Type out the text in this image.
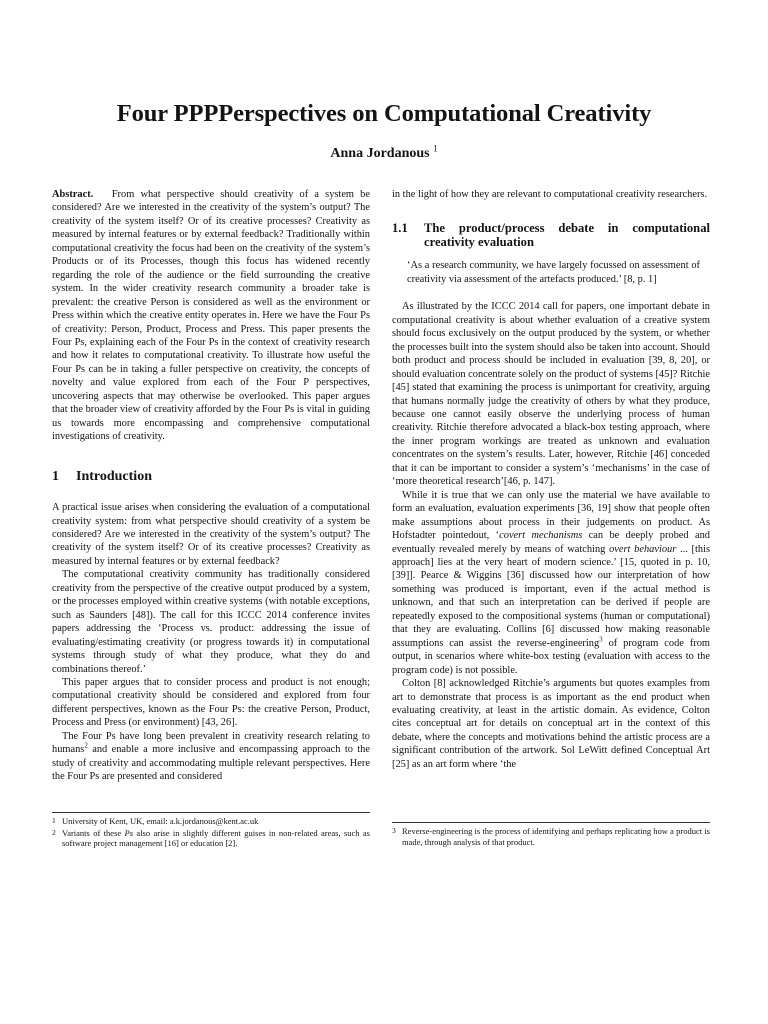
Four PPPPerspectives on Computational Creativity
Anna Jordanous $^1$

Abstract. From what perspective should creativity of a system be considered? Are we interested in the creativity of the system’s output? The creativity of the system itself? Or of its creative processes? Creativity as measured by internal features or by external feedback? Traditionally within computational creativity the focus had been on the creativity of the system’s Products or of its Processes, though this focus has widened recently regarding the role of the audience or the field surrounding the creative system. In the wider creativity research community a broader take is prevalent: the creative Person is considered as well as the environment or Press within which the creative entity operates in. Here we have the Four Ps of creativity: Person, Product, Process and Press. This paper presents the Four Ps, explaining each of the Four Ps in the context of creativity research and how it relates to computational creativity. To illustrate how useful the Four Ps can be in taking a fuller perspective on creativity, the concepts of novelty and value explored from each of the Four P perspectives, uncovering aspects that may otherwise be overlooked. This paper argues that the broader view of creativity afforded by the Four Ps is vital in guiding us towards more encompassing and comprehensive computational investigations of creativity.

1 Introduction

A practical issue arises when considering the evaluation of a computational creativity system: from what perspective should creativity of a system be considered? Are we interested in the creativity of the system’s output? The creativity of the system itself? Or of its creative processes? Creativity as measured by internal features or by external feedback?

The computational creativity community has traditionally considered creativity from the perspective of the creative output produced by a system, or the processes employed within creative systems (with notable exceptions, such as Saunders [48]). The call for this ICCC 2014 conference invites papers addressing the ‘Process vs. product: addressing the issue of evaluating/estimating creativity (or progress towards it) in computational systems through study of what they produce, what they do and combinations thereof.’

This paper argues that to consider process and product is not enough; computational creativity should be considered and explored from four different perspectives, known as the Four Ps: the creative Person, Product, Process and Press (or environment) [43, 26].

The Four Ps have long been prevalent in creativity research relating to humans$^2$ and enable a more inclusive and encompassing approach to the study of creativity and accommodating multiple relevant perspectives. Here the Four Ps are presented and considered

in the light of how they are relevant to computational creativity researchers.

1.1 The product/process debate in computational creativity evaluation
‘As a research community, we have largely focussed on assessment of creativity via assessment of the artefacts produced.’ [8, p. 1]

As illustrated by the ICCC 2014 call for papers, one important debate in computational creativity is about whether evaluation of a creative system should focus exclusively on the output produced by the system, or whether the processes built into the system should also be taken into account. Should both product and process should be included in evaluation [39, 8, 20], or should evaluation concentrate solely on the product of systems [45]? Ritchie [45] stated that examining the process is unimportant for creativity, arguing that humans normally judge the creativity of others by what they produce, because one cannot easily observe the underlying process of human creativity. Ritchie therefore advocated a black-box testing approach, where the inner program workings are treated as unknown and evaluation concentrates on the system’s results. Later, however, Ritchie [46] conceded that it can be important to consider a system’s ‘mechanisms’ in the case of ‘more theoretical research’[46, p. 147].

While it is true that we can only use the material we have available to form an evaluation, evaluation experiments [36, 19] show that people often make assumptions about process in their judgements on product. As Hofstadter pointedout, ‘covert mechanisms can be deeply probed and eventually revealed merely by means of watching overt behaviour ... [this approach] lies at the very heart of modern science.’ [15, quoted in p. 10, [39]]. Pearce & Wiggins [36] discussed how our interpretation of how something was produced is important, even if the actual method is unknown, and that such an interpretation can be derived if people are repeatedly exposed to the compositional systems (human or computational) that they are evaluating. Collins [6] discussed how making reasonable assumptions can assist the reverse-engineering$^3$ of program code from output, in scenarios where white-box testing (evaluation with access to the program code) is not possible.

Colton [8] acknowledged Ritchie’s arguments but quotes examples from art to demonstrate that process is as important as the end product when evaluating creativity, at least in the artistic domain. As evidence, Colton cites conceptual art for details on conceptual art in the context of this debate, where the concepts and motivations behind the artistic process are a significant contribution of the artwork. Sol LeWitt defined Conceptual Art [25] as an art form where ‘the

1 University of Kent, UK, email: a.k.jordanous@kent.ac.uk
2 Variants of these Ps also arise in slightly different guises in non-related areas, such as software project management [16] or education [2].
3 Reverse-engineering is the process of identifying and perhaps replicating how a product is made, through analysis of that product.
